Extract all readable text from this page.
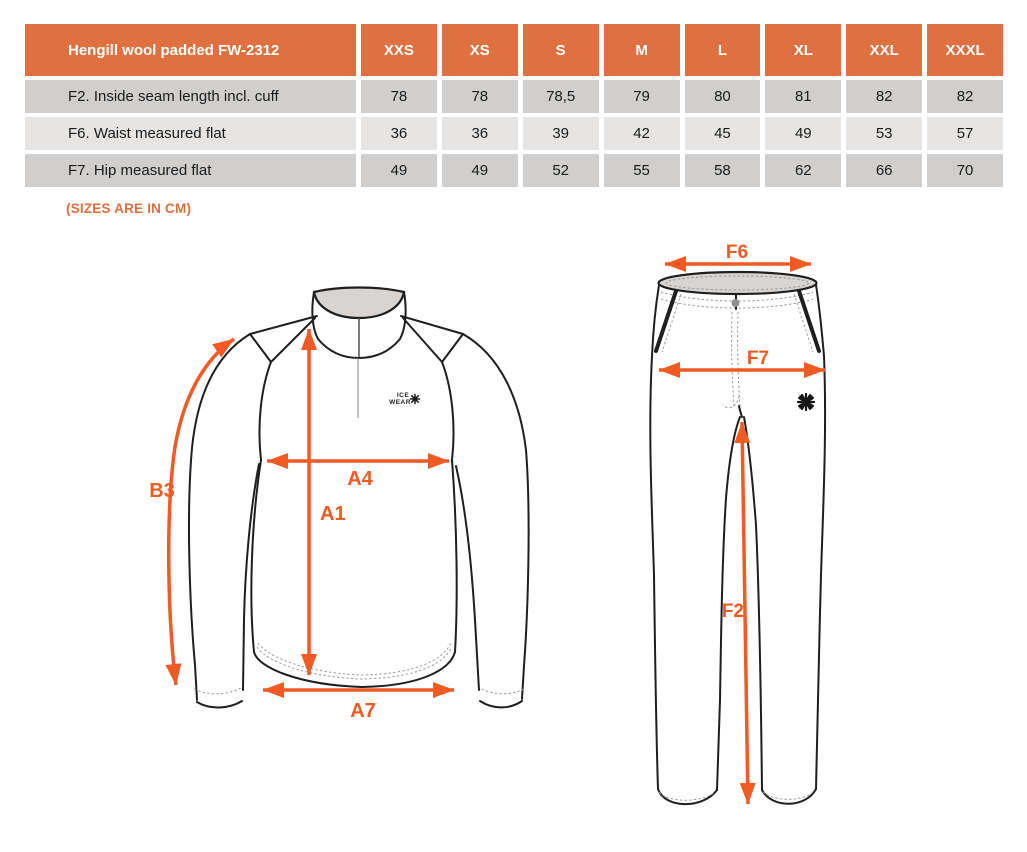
Hengill wool padded FW-2312	XXS	XS	S	M	L	XL	XXL	XXXL
F2. Inside seam length incl. cuff	78	78	78,5	79	80	81	82	82
F6. Waist measured flat	36	36	39	42	45	49	53	57
F7. Hip measured flat	49	49	52	55	58	62	66	70
(SIZES ARE IN CM)
ICE
WEAR
B3
A4
A1
A7
F6
F7
F2
